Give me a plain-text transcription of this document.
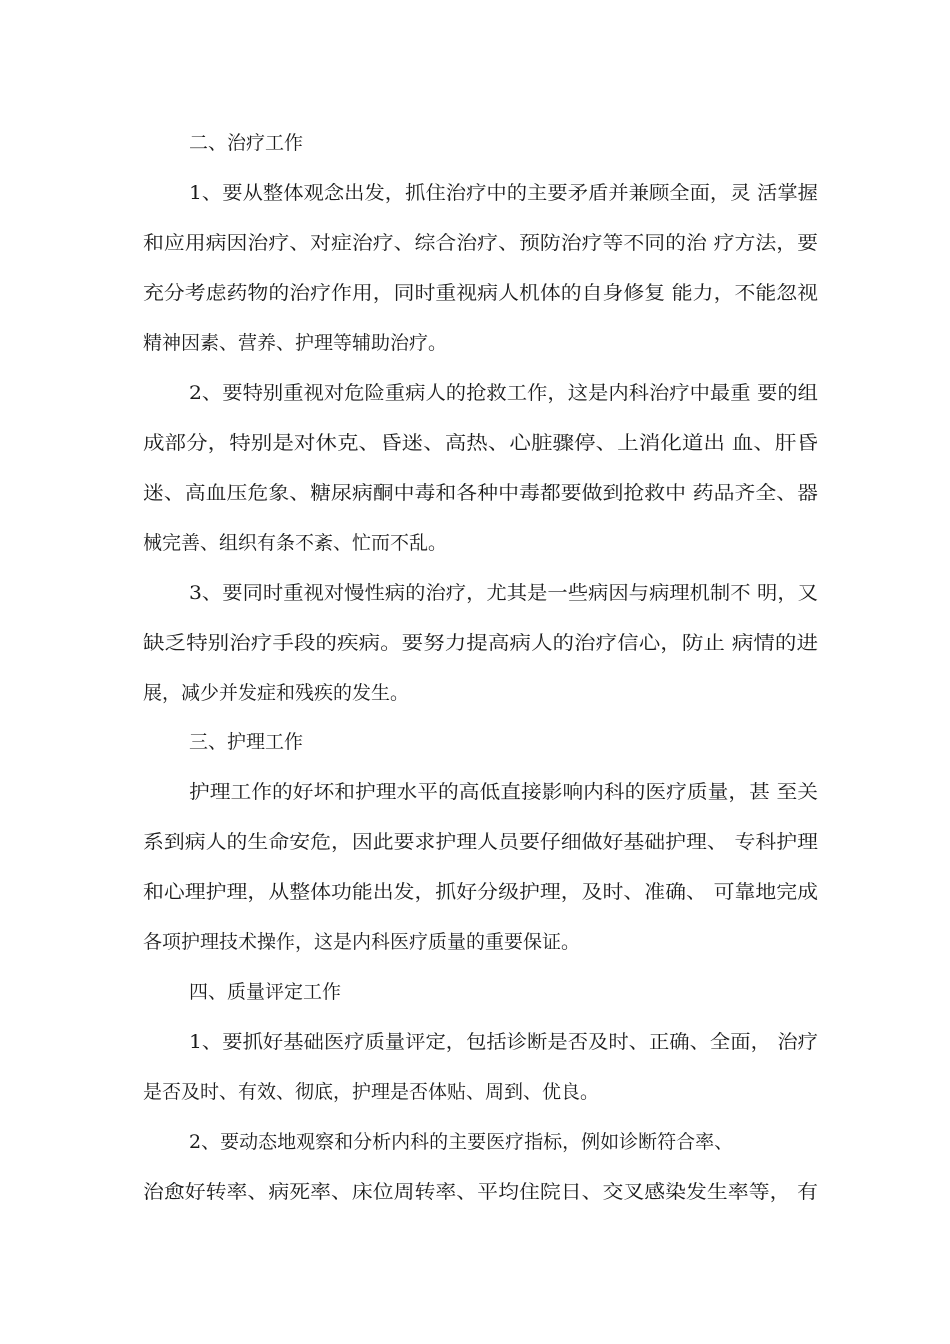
二、治疗工作
1、要从整体观念出发，抓住治疗中的主要矛盾并兼顾全面，灵 活掌握
和应用病因治疗、对症治疗、综合治疗、预防治疗等不同的治 疗方法，要
充分考虑药物的治疗作用，同时重视病人机体的自身修复 能力，不能忽视
精神因素、营养、护理等辅助治疗。
2、要特别重视对危险重病人的抢救工作，这是内科治疗中最重 要的组
成部分，特别是对休克、昏迷、高热、心脏骤停、上消化道出 血、肝昏
迷、高血压危象、糖尿病酮中毒和各种中毒都要做到抢救中 药品齐全、器
械完善、组织有条不紊、忙而不乱。
3、要同时重视对慢性病的治疗，尤其是一些病因与病理机制不 明，又
缺乏特别治疗手段的疾病。要努力提高病人的治疗信心，防止 病情的进
展，减少并发症和残疾的发生。
三、护理工作
护理工作的好坏和护理水平的高低直接影响内科的医疗质量，甚 至关
系到病人的生命安危，因此要求护理人员要仔细做好基础护理、 专科护理
和心理护理，从整体功能出发，抓好分级护理，及时、准确、 可靠地完成
各项护理技术操作，这是内科医疗质量的重要保证。
四、质量评定工作
1、要抓好基础医疗质量评定，包括诊断是否及时、正确、全面， 治疗
是否及时、有效、彻底，护理是否体贴、周到、优良。
2、要动态地观察和分析内科的主要医疗指标，例如诊断符合率、
治愈好转率、病死率、床位周转率、平均住院日、交叉感染发生率等， 有
